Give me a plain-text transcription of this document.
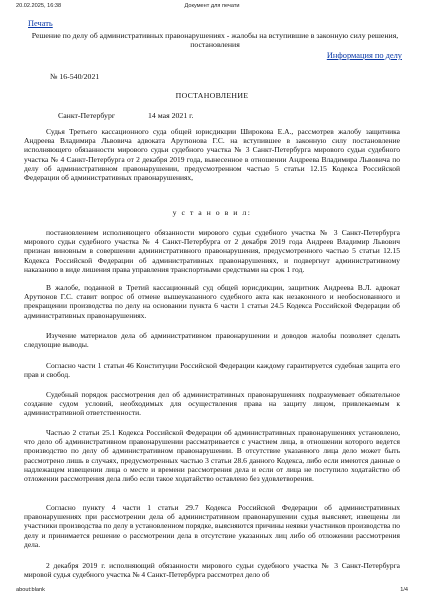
20.02.2025, 16:38	Документ для печати
Печать
Решение по делу об административных правонарушениях - жалобы на вступившие в законную силу решения, постановления
Информация по делу
№ 16-540/2021
ПОСТАНОВЛЕНИЕ
Санкт-Петербург	14 мая 2021 г.

Судья Третьего кассационного суда общей юрисдикции Широкова Е.А., рассмотрев жалобу защитника Андреева Владимира Львовича адвоката Арутюнова Г.С. на вступившее в законную силу постановление исполняющего обязанности мирового судьи судебного участка № 3 Санкт-Петербурга мирового судьи судебного участка № 4 Санкт-Петербурга от 2 декабря 2019 года, вынесенное в отношении Андреева Владимира Львовича по делу об административном правонарушении, предусмотренном частью 5 статьи 12.15 Кодекса Российской Федерации об административных правонарушениях,

у с т а н о в и л:

постановлением исполняющего обязанности мирового судьи судебного участка № 3 Санкт-Петербурга мирового судьи судебного участка № 4 Санкт-Петербурга от 2 декабря 2019 года Андреев Владимир Львович признан виновным в совершении административного правонарушения, предусмотренного частью 5 статьи 12.15 Кодекса Российской Федерации об административных правонарушениях, и подвергнут административному наказанию в виде лишения права управления транспортными средствами на срок 1 год.

В жалобе, поданной в Третий кассационный суд общей юрисдикции, защитник Андреева В.Л. адвокат Арутюнов Г.С. ставит вопрос об отмене вышеуказанного судебного акта как незаконного и необоснованного и прекращении производства по делу на основании пункта 6 части 1 статьи 24.5 Кодекса Российской Федерации об административных правонарушениях.

Изучение материалов дела об административном правонарушении и доводов жалобы позволяет сделать следующие выводы.

Согласно части 1 статьи 46 Конституции Российской Федерации каждому гарантируется судебная защита его прав и свобод.

Судебный порядок рассмотрения дел об административных правонарушениях подразумевает обязательное создание судом условий, необходимых для осуществления права на защиту лицом, привлекаемым к административной ответственности.

Частью 2 статьи 25.1 Кодекса Российской Федерации об административных правонарушениях установлено, что дело об административном правонарушении рассматривается с участием лица, в отношении которого ведется производство по делу об административном правонарушении. В отсутствие указанного лица дело может быть рассмотрено лишь в случаях, предусмотренных частью 3 статьи 28.6 данного Кодекса, либо если имеются данные о надлежащем извещении лица о месте и времени рассмотрения дела и если от лица не поступило ходатайство об отложении рассмотрения дела либо если такое ходатайство оставлено без удовлетворения.

Согласно пункту 4 части 1 статьи 29.7 Кодекса Российской Федерации об административных правонарушениях при рассмотрении дела об административном правонарушении судья выясняет, извещены ли участники производства по делу в установленном порядке, выясняются причины неявки участников производства по делу и принимается решение о рассмотрении дела в отсутствие указанных лиц либо об отложении рассмотрения дела.

2 декабря 2019 г. исполняющий обязанности мирового судьи судебного участка № 3 Санкт-Петербурга мировой судья судебного участка № 4 Санкт-Петербурга рассмотрел дело об

about:blank	1/4
